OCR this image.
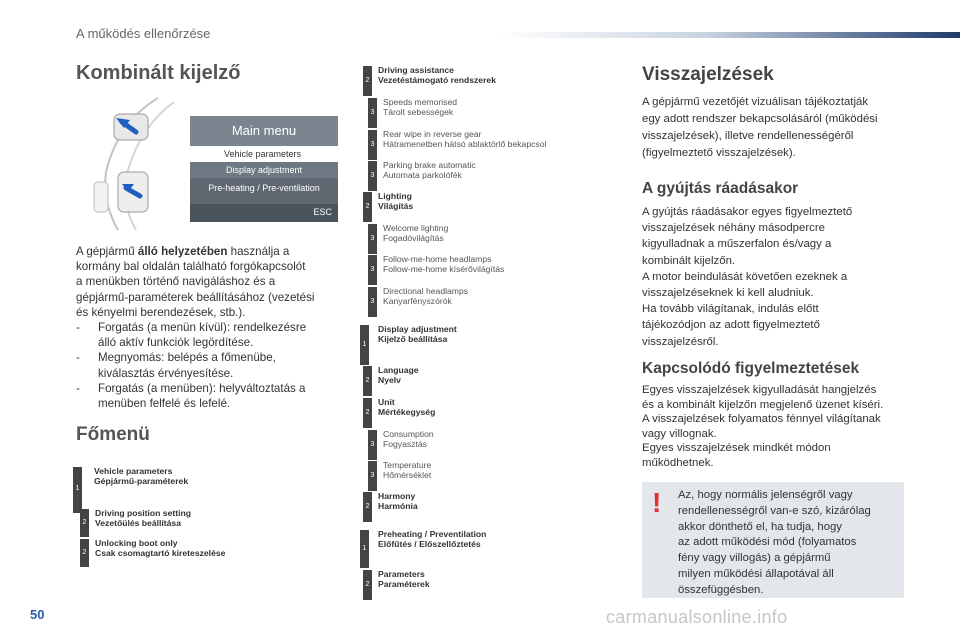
A működés ellenőrzése
Kombinált kijelző
Main menu
Vehicle parameters
Display adjustment
Pre-heating / Pre-ventilation
ESC
A gépjármű álló helyzetében használja a
kormány bal oldalán található forgókapcsolót
a menükben történő navigáláshoz és a
gépjármű-paraméterek beállításához (vezetési
és kényelmi berendezések, stb.).
- Forgatás (a menün kívül): rendelkezésre
álló aktív funkciók legördítése.
- Megnyomás: belépés a főmenübe,
kiválasztás érvényesítése.
- Forgatás (a menüben): helyváltoztatás a
menüben felfelé és lefelé.
Főmenü
1
Vehicle parameters
Gépjármű-paraméterek
2
Driving position setting
Vezetőülés beállítása
2
Unlocking boot only
Csak csomagtartó kireteszelése
2
Driving assistance
Vezetéstámogató rendszerek
3
Speeds memorised
Tárolt sebességek
3
Rear wipe in reverse gear
Hátramenetben hátsó ablaktörlő bekapcsol
3
Parking brake automatic
Automata parkolófék
2
Lighting
Világítás
3
Welcome lighting
Fogadóvilágítás
3
Follow-me-home headlamps
Follow-me-home kísérővilágítás
3
Directional headlamps
Kanyarfényszórók
1
Display adjustment
Kijelző beállítása
2
Language
Nyelv
2
Unit
Mértékegység
3
Consumption
Fogyasztás
3
Temperature
Hőmérséklet
2
Harmony
Harmónia
1
Preheating / Preventilation
Előfűtés / Előszellőztetés
2
Parameters
Paraméterek
Visszajelzések
A gépjármű vezetőjét vizuálisan tájékoztatják
egy adott rendszer bekapcsolásáról (működési
visszajelzések), illetve rendellenességéről
(figyelmeztető visszajelzések).
A gyújtás ráadásakor
A gyújtás ráadásakor egyes figyelmeztető
visszajelzések néhány másodpercre
kigyulladnak a műszerfalon és/vagy a
kombinált kijelzőn.
A motor beindulását követően ezeknek a
visszajelzéseknek ki kell aludniuk.
Ha tovább világítanak, indulás előtt
tájékozódjon az adott figyelmeztető
visszajelzésről.
Kapcsolódó figyelmeztetések
Egyes visszajelzések kigyulladását hangjelzés
és a kombinált kijelzőn megjelenő üzenet kíséri.
A visszajelzések folyamatos fénnyel világítanak
vagy villognak.
Egyes visszajelzések mindkét módon
működhetnek.
! Az, hogy normális jelenségről vagy
rendellenességről van-e szó, kizárólag
akkor dönthető el, ha tudja, hogy
az adott működési mód (folyamatos
fény vagy villogás) a gépjármű
milyen működési állapotával áll
összefüggésben.
50	carmanualsonline.info
